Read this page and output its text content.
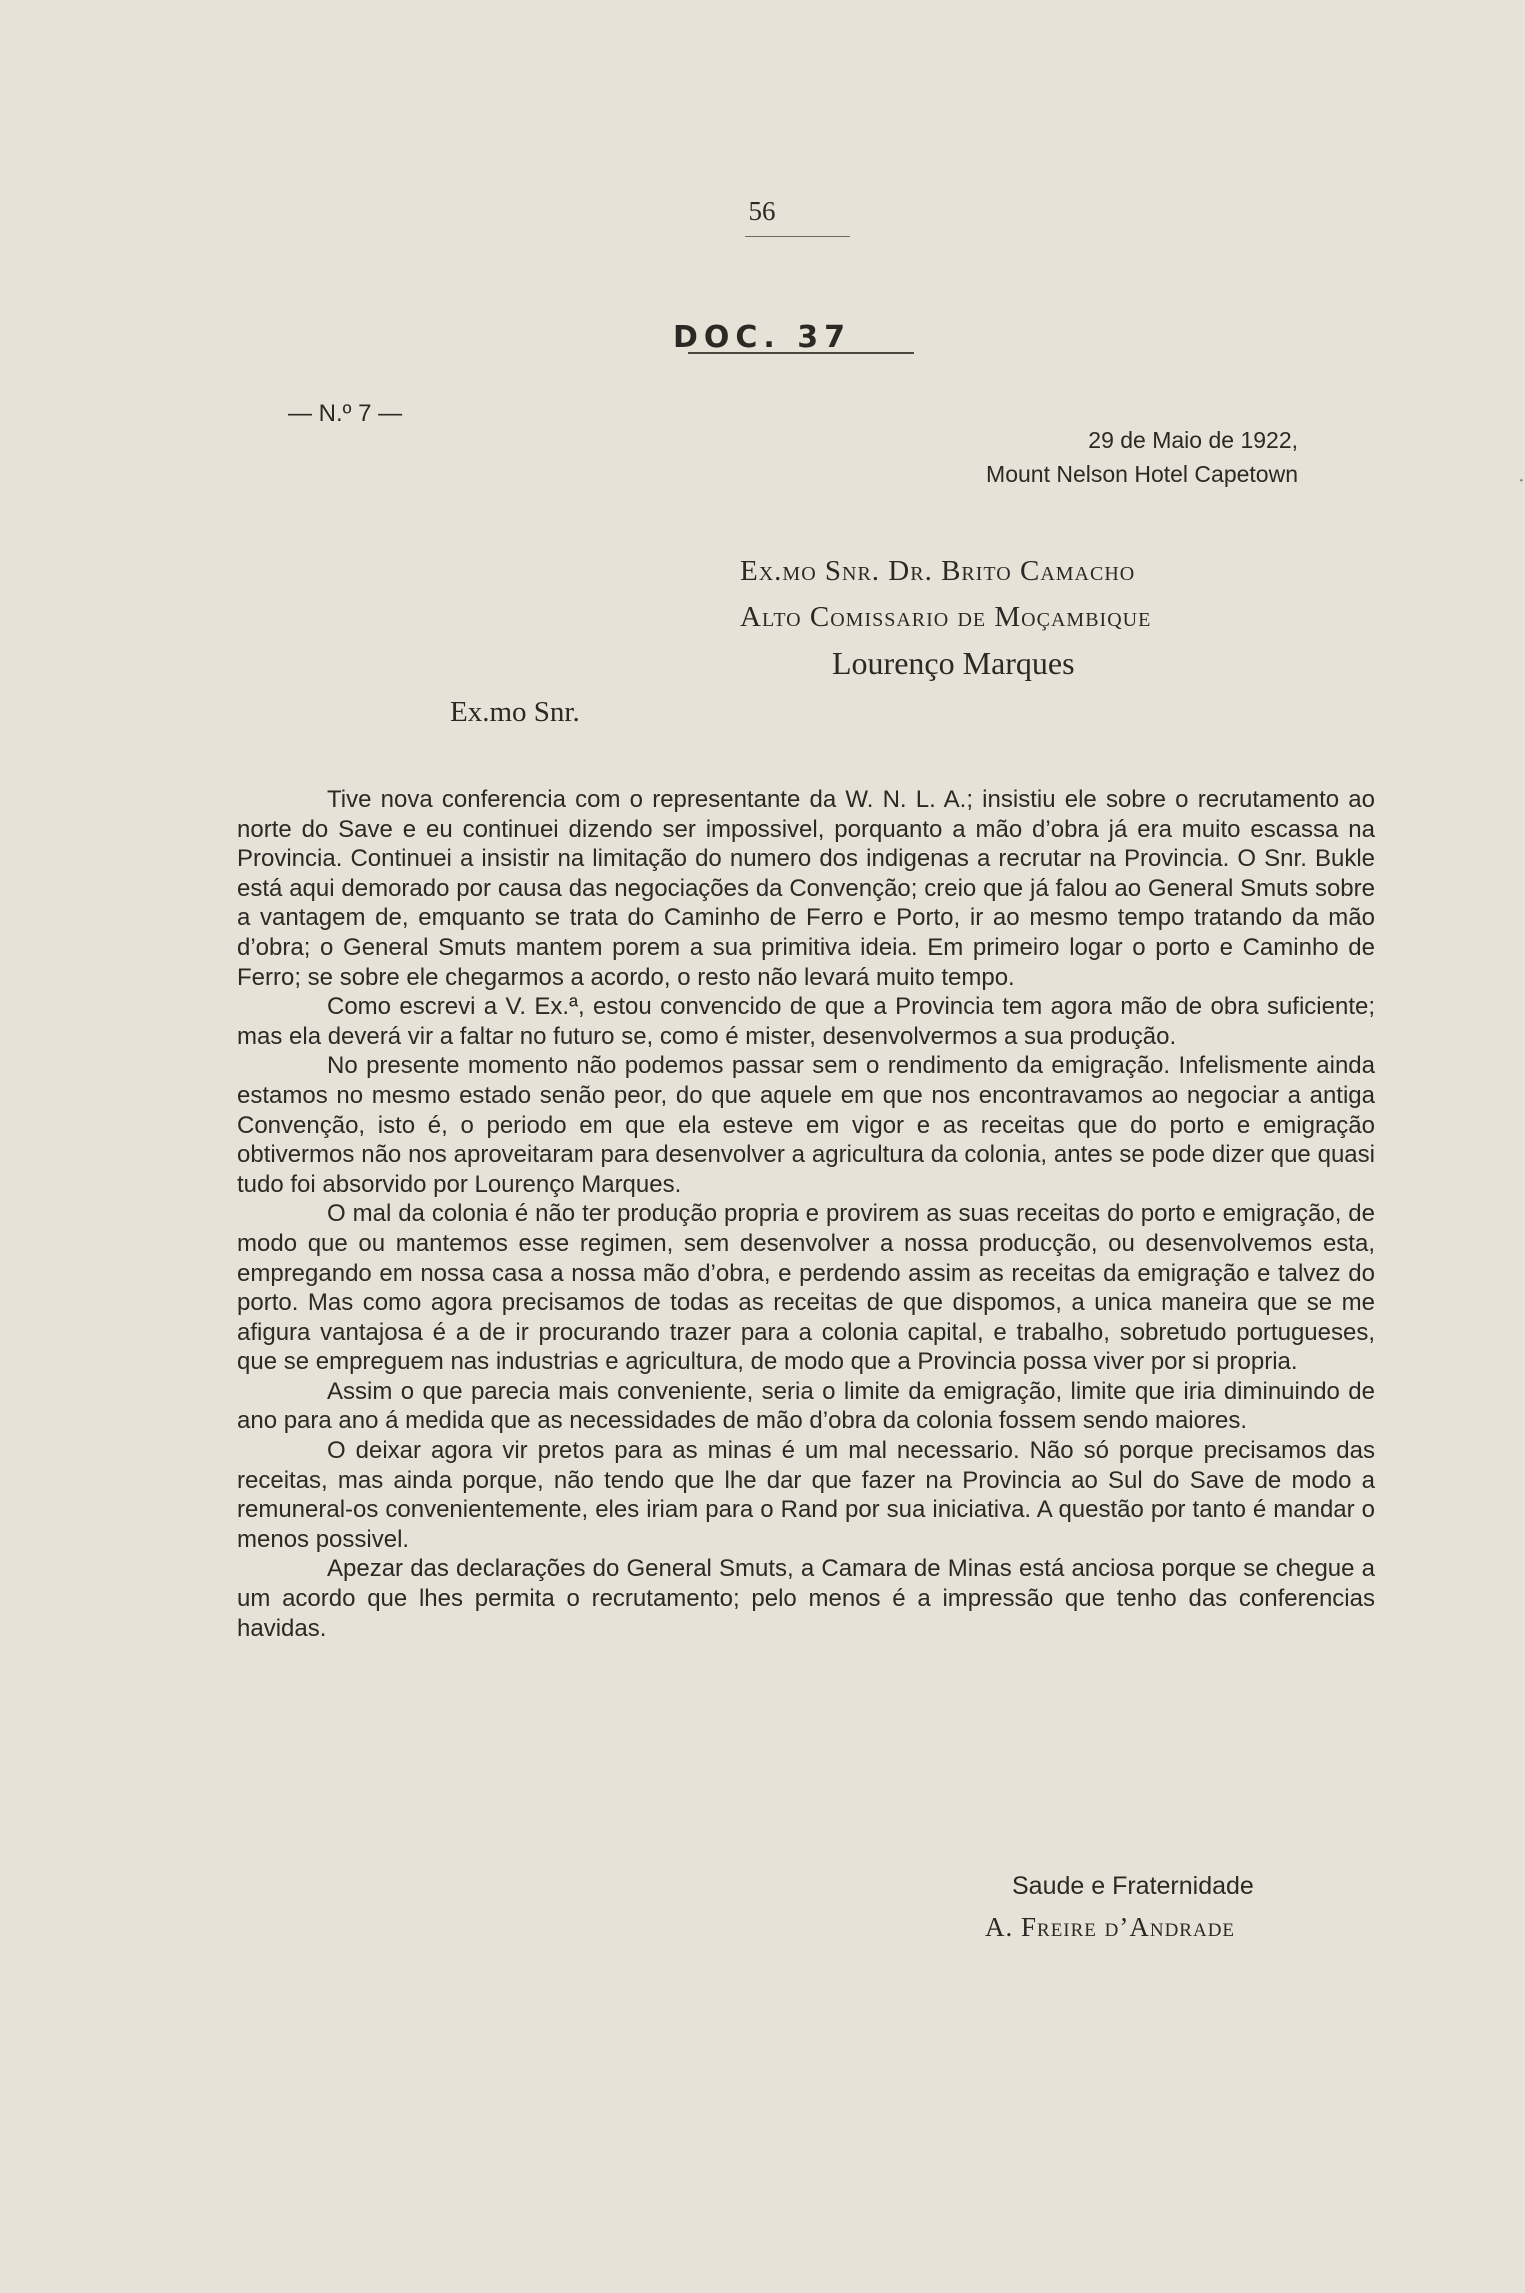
56
DOC. 37
— N.º 7 —
29 de Maio de 1922,
Mount Nelson Hotel Capetown
Ex.mo Snr. Dr. Brito Camacho
Alto Comissario de Moçambique
Lourenço Marques
Ex.mo Snr.

Tive nova conferencia com o representante da W. N. L. A.; insistiu ele sobre o recrutamento ao norte do Save e eu continuei dizendo ser impossivel, porquanto a mão d’obra já era muito escassa na Provincia. Continuei a insistir na limitação do numero dos indigenas a recrutar na Provincia. O Snr. Bukle está aqui demorado por causa das negociações da Convenção; creio que já falou ao General Smuts sobre a vantagem de, emquanto se trata do Caminho de Ferro e Porto, ir ao mesmo tempo tratando da mão d’obra; o General Smuts mantem porem a sua primitiva ideia. Em primeiro logar o porto e Caminho de Ferro; se sobre ele chegarmos a acordo, o resto não levará muito tempo.

Como escrevi a V. Ex.ª, estou convencido de que a Provincia tem agora mão de obra suficiente; mas ela deverá vir a faltar no futuro se, como é mister, desenvolvermos a sua produção.

No presente momento não podemos passar sem o rendimento da emigração. Infelismente ainda estamos no mesmo estado senão peor, do que aquele em que nos encontravamos ao negociar a antiga Convenção, isto é, o periodo em que ela esteve em vigor e as receitas que do porto e emigração obtivermos não nos aproveitaram para desenvolver a agricultura da colonia, antes se pode dizer que quasi tudo foi absorvido por Lourenço Marques.

O mal da colonia é não ter produção propria e provirem as suas receitas do porto e emigração, de modo que ou mantemos esse regimen, sem desenvolver a nossa producção, ou desenvolvemos esta, empregando em nossa casa a nossa mão d’obra, e perdendo assim as receitas da emigração e talvez do porto. Mas como agora precisamos de todas as receitas de que dispomos, a unica maneira que se me afigura vantajosa é a de ir procurando trazer para a colonia capital, e trabalho, sobretudo portugueses, que se empreguem nas industrias e agricultura, de modo que a Provincia possa viver por si propria.

Assim o que parecia mais conveniente, seria o limite da emigração, limite que iria diminuindo de ano para ano á medida que as necessidades de mão d’obra da colonia fossem sendo maiores.

O deixar agora vir pretos para as minas é um mal necessario. Não só porque precisamos das receitas, mas ainda porque, não tendo que lhe dar que fazer na Provincia ao Sul do Save de modo a remuneral-os convenientemente, eles iriam para o Rand por sua iniciativa. A questão por tanto é mandar o menos possivel.

Apezar das declarações do General Smuts, a Camara de Minas está anciosa porque se chegue a um acordo que lhes permita o recrutamento; pelo menos é a impressão que tenho das conferencias havidas.

Saude e Fraternidade
A. Freire d’Andrade
·
